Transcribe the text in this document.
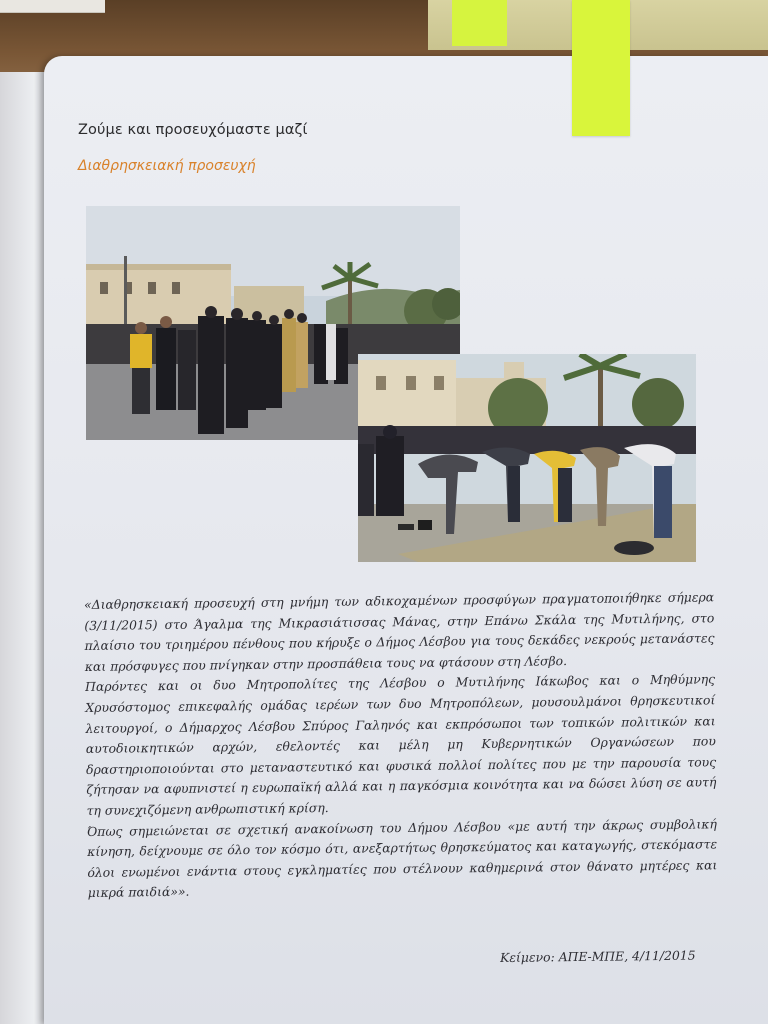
Ζούμε και προσευχόμαστε μαζί
Διαθρησκειακή προσευχή

«Διαθρησκειακή προσευχή στη μνήμη των αδικοχαμένων προσφύγων πραγματοποιήθηκε σήμερα (3/11/2015) στο Άγαλμα της Μικρασιάτισσας Μάνας, στην Επάνω Σκάλα της Μυτιλήνης, στο πλαίσιο του τριημέρου πένθους που κήρυξε ο Δήμος Λέσβου για τους δεκάδες νεκρούς μετανάστες και πρόσφυγες που πνίγηκαν στην προσπάθεια τους να φτάσουν στη Λέσβο.

Παρόντες και οι δυο Μητροπολίτες της Λέσβου ο Μυτιλήνης Ιάκωβος και ο Μηθύμνης Χρυσόστομος επικεφαλής ομάδας ιερέων των δυο Μητροπόλεων, μουσουλμάνοι θρησκευτικοί λειτουργοί, ο Δήμαρχος Λέσβου Σπύρος Γαληνός και εκπρόσωποι των τοπικών πολιτικών και αυτοδιοικητικών αρχών, εθελοντές και μέλη μη Κυβερνητικών Οργανώσεων που δραστηριοποιούνται στο μεταναστευτικό και φυσικά πολλοί πολίτες που με την παρουσία τους ζήτησαν να αφυπνιστεί η ευρωπαϊκή αλλά και η παγκόσμια κοινότητα και να δώσει λύση σε αυτή τη συνεχιζόμενη ανθρωπιστική κρίση.

Όπως σημειώνεται σε σχετική ανακοίνωση του Δήμου Λέσβου «με αυτή την άκρως συμβολική κίνηση, δείχνουμε σε όλο τον κόσμο ότι, ανεξαρτήτως θρησκεύματος και καταγωγής, στεκόμαστε όλοι ενωμένοι ενάντια στους εγκληματίες που στέλνουν καθημερινά στον θάνατο μητέρες και μικρά παιδιά»».

Κείμενο: ΑΠΕ-ΜΠΕ, 4/11/2015
